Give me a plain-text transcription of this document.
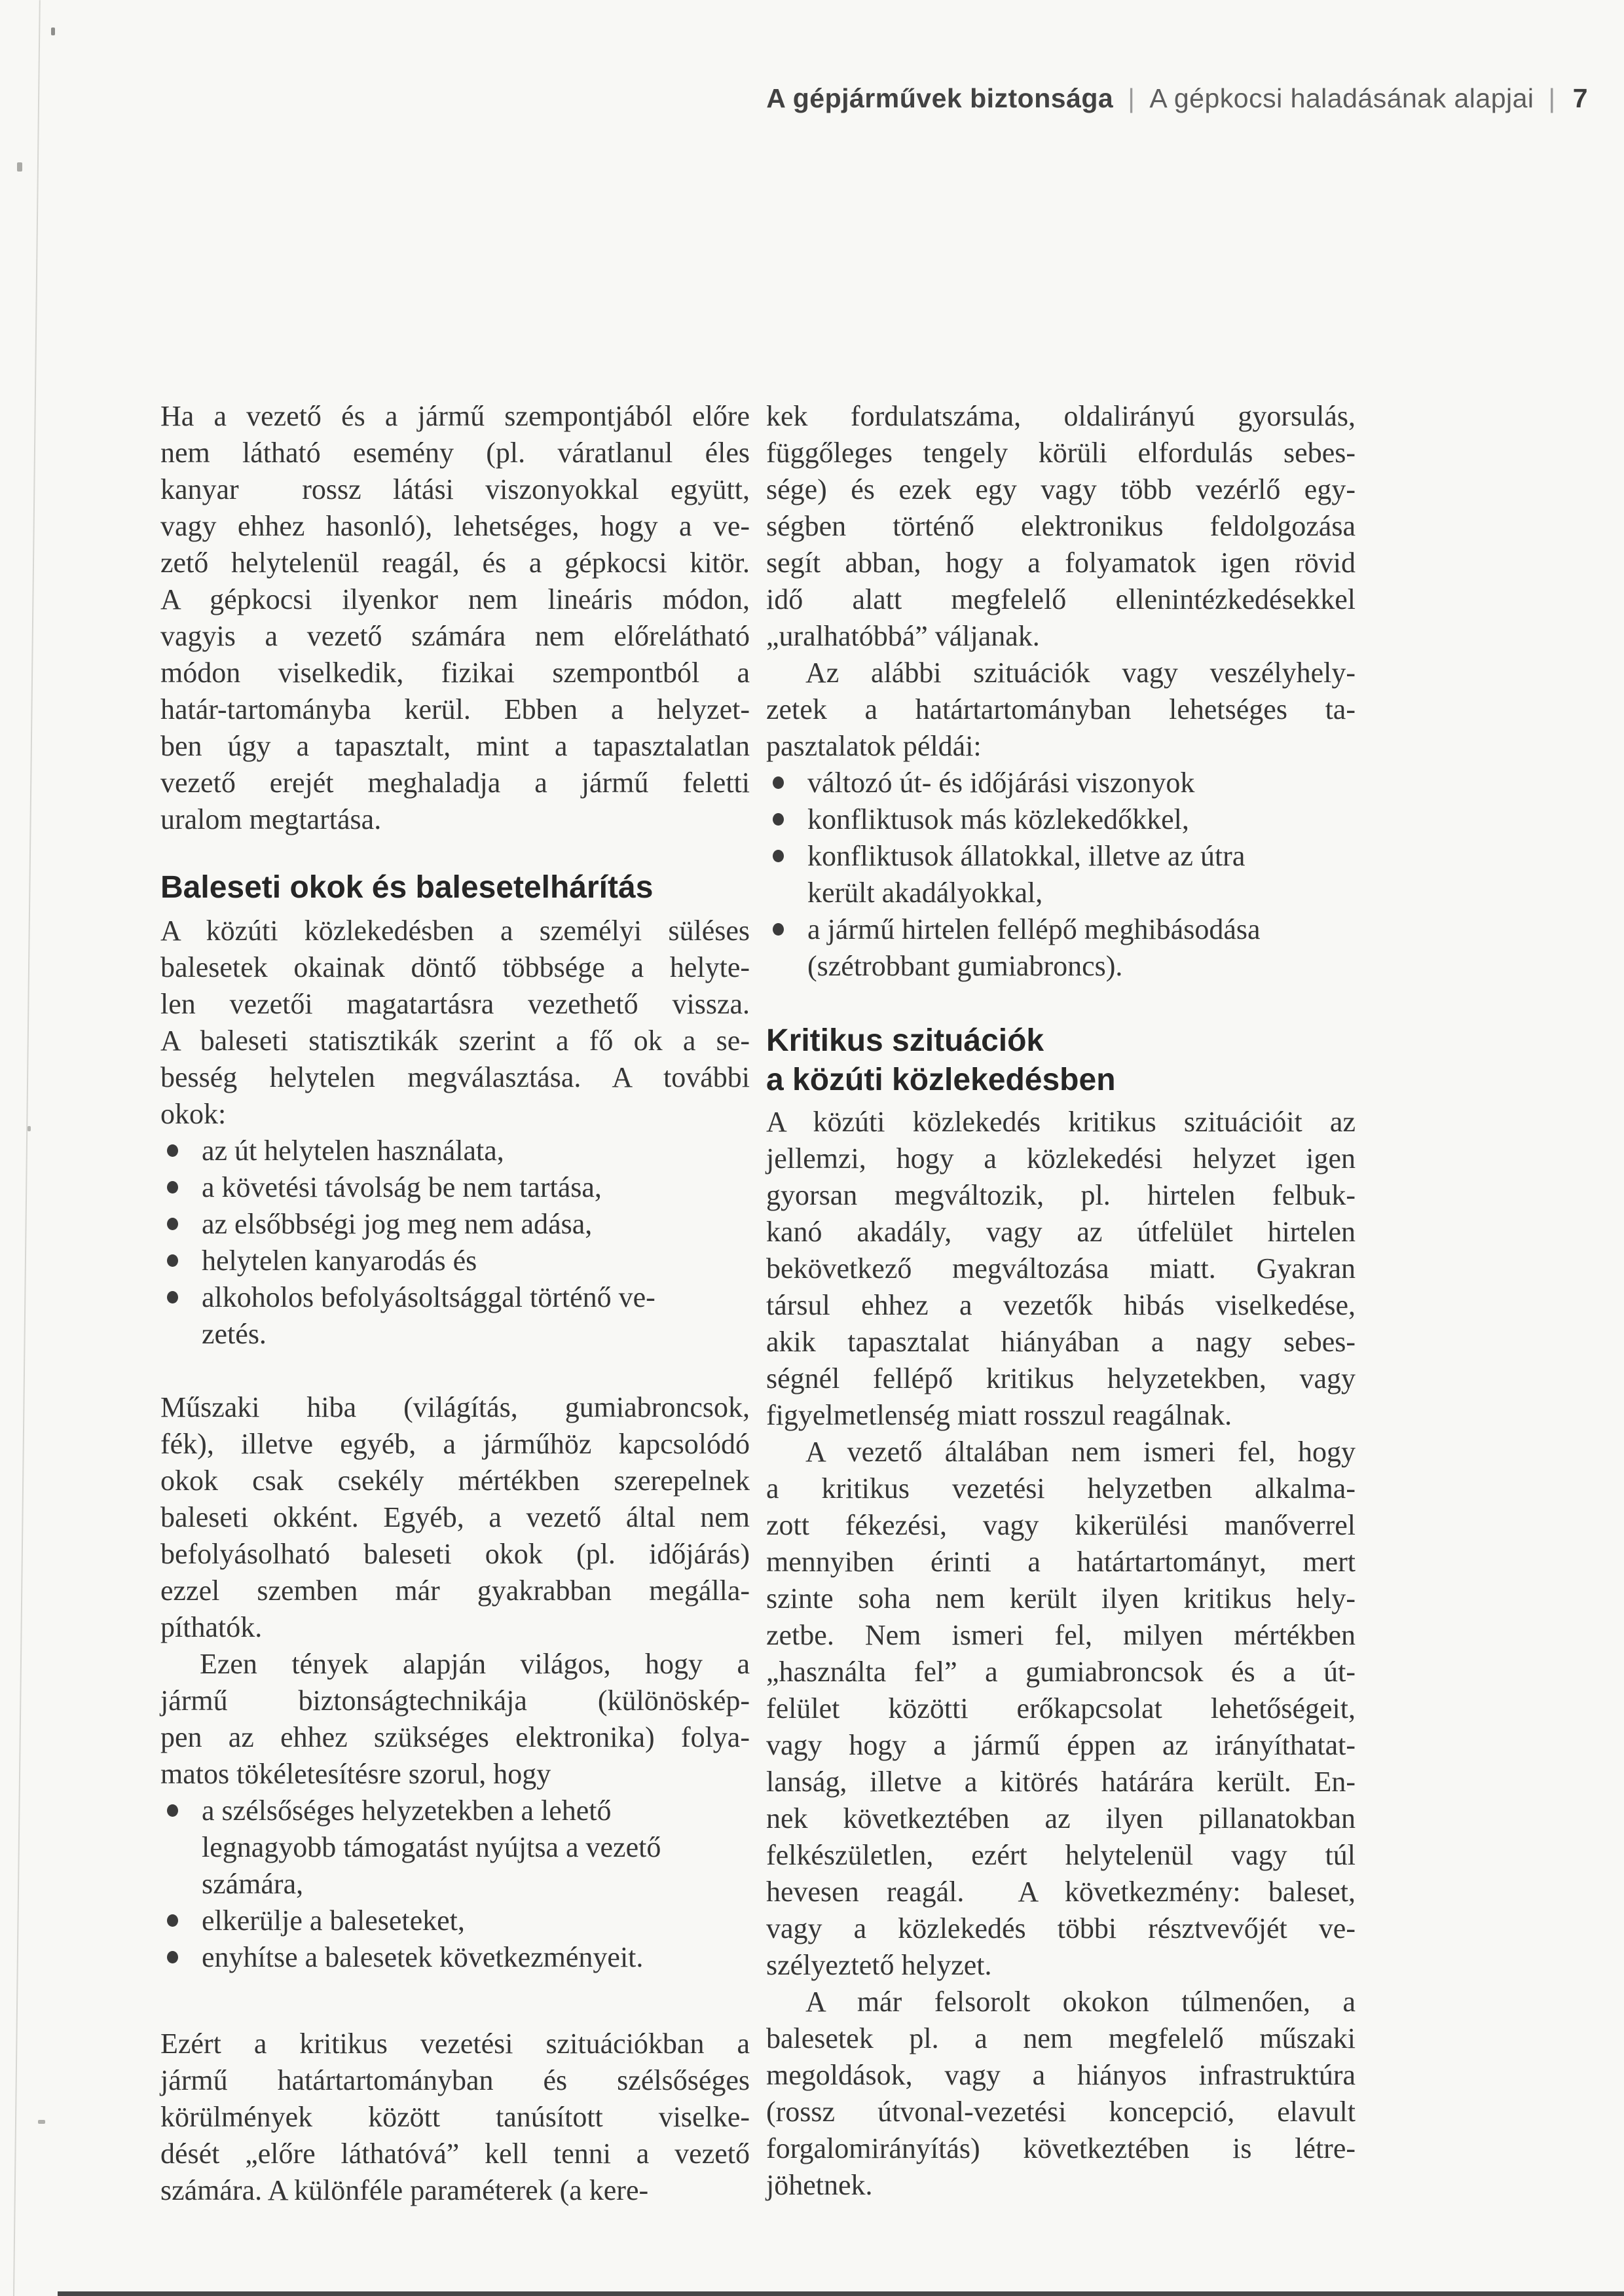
A gépjárművek biztonsága | A gépkocsi haladásának alapjai | 7
Ha a vezető és a jármű szempontjából előre
nem látható esemény (pl. váratlanul éles
kanyar  rossz látási viszonyokkal együtt,
vagy ehhez hasonló), lehetséges, hogy a ve-
zető helytelenül reagál, és a gépkocsi kitör.
A gépkocsi ilyenkor nem lineáris módon,
vagyis a vezető számára nem előrelátható
módon viselkedik, fizikai szempontból a
határ-tartományba kerül. Ebben a helyzet-
ben úgy a tapasztalt, mint a tapasztalatlan
vezető erejét meghaladja a jármű feletti
uralom megtartása.
Baleseti okok és balesetelhárítás
A közúti közlekedésben a személyi süléses
balesetek okainak döntő többsége a helyte-
len vezetői magatartásra vezethető vissza.
A baleseti statisztikák szerint a fő ok a se-
besség helytelen megválasztása. A további
okok:
az út helytelen használata,
a követési távolság be nem tartása,
az elsőbbségi jog meg nem adása,
helytelen kanyarodás és
alkoholos befolyásoltsággal történő ve-
zetés.
Műszaki hiba (világítás, gumiabroncsok,
fék), illetve egyéb, a járműhöz kapcsolódó
okok csak csekély mértékben szerepelnek
baleseti okként. Egyéb, a vezető által nem
befolyásolható baleseti okok (pl. időjárás)
ezzel szemben már gyakrabban megálla-
píthatók.
Ezen tények alapján világos, hogy a
jármű biztonságtechnikája (különöskép-
pen az ehhez szükséges elektronika) folya-
matos tökéletesítésre szorul, hogy
a szélsőséges helyzetekben a lehető
legnagyobb támogatást nyújtsa a vezető
számára,
elkerülje a baleseteket,
enyhítse a balesetek következményeit.
Ezért a kritikus vezetési szituációkban a
jármű határtartományban és szélsőséges
körülmények között tanúsított viselke-
dését „előre láthatóvá” kell tenni a vezető
számára. A különféle paraméterek (a kere-
kek fordulatszáma, oldalirányú gyorsulás,
függőleges tengely körüli elfordulás sebes-
sége) és ezek egy vagy több vezérlő egy-
ségben történő elektronikus feldolgozása
segít abban, hogy a folyamatok igen rövid
idő alatt megfelelő ellenintézkedésekkel
„uralhatóbbá” váljanak.
Az alábbi szituációk vagy veszélyhely-
zetek a határtartományban lehetséges ta-
pasztalatok példái:
változó út- és időjárási viszonyok
konfliktusok más közlekedőkkel,
konfliktusok állatokkal, illetve az útra
került akadályokkal,
a jármű hirtelen fellépő meghibásodása
(szétrobbant gumiabroncs).
Kritikus szituációk
a közúti közlekedésben
A közúti közlekedés kritikus szituációit az
jellemzi, hogy a közlekedési helyzet igen
gyorsan megváltozik, pl. hirtelen felbuk-
kanó akadály, vagy az útfelület hirtelen
bekövetkező megváltozása miatt. Gyakran
társul ehhez a vezetők hibás viselkedése,
akik tapasztalat hiányában a nagy sebes-
ségnél fellépő kritikus helyzetekben, vagy
figyelmetlenség miatt rosszul reagálnak.
A vezető általában nem ismeri fel, hogy
a kritikus vezetési helyzetben alkalma-
zott fékezési, vagy kikerülési manőverrel
mennyiben érinti a határtartományt, mert
szinte soha nem került ilyen kritikus hely-
zetbe. Nem ismeri fel, milyen mértékben
„használta fel” a gumiabroncsok és a út-
felület közötti erőkapcsolat lehetőségeit,
vagy hogy a jármű éppen az irányíthatat-
lanság, illetve a kitörés határára került. En-
nek következtében az ilyen pillanatokban
felkészületlen, ezért helytelenül vagy túl
hevesen reagál.  A következmény: baleset,
vagy a közlekedés többi résztvevőjét ve-
szélyeztető helyzet.
A már felsorolt okokon túlmenően, a
balesetek pl. a nem megfelelő műszaki
megoldások, vagy a hiányos infrastruktúra
(rossz útvonal-vezetési koncepció, elavult
forgalomirányítás) következtében is létre-
jöhetnek.
